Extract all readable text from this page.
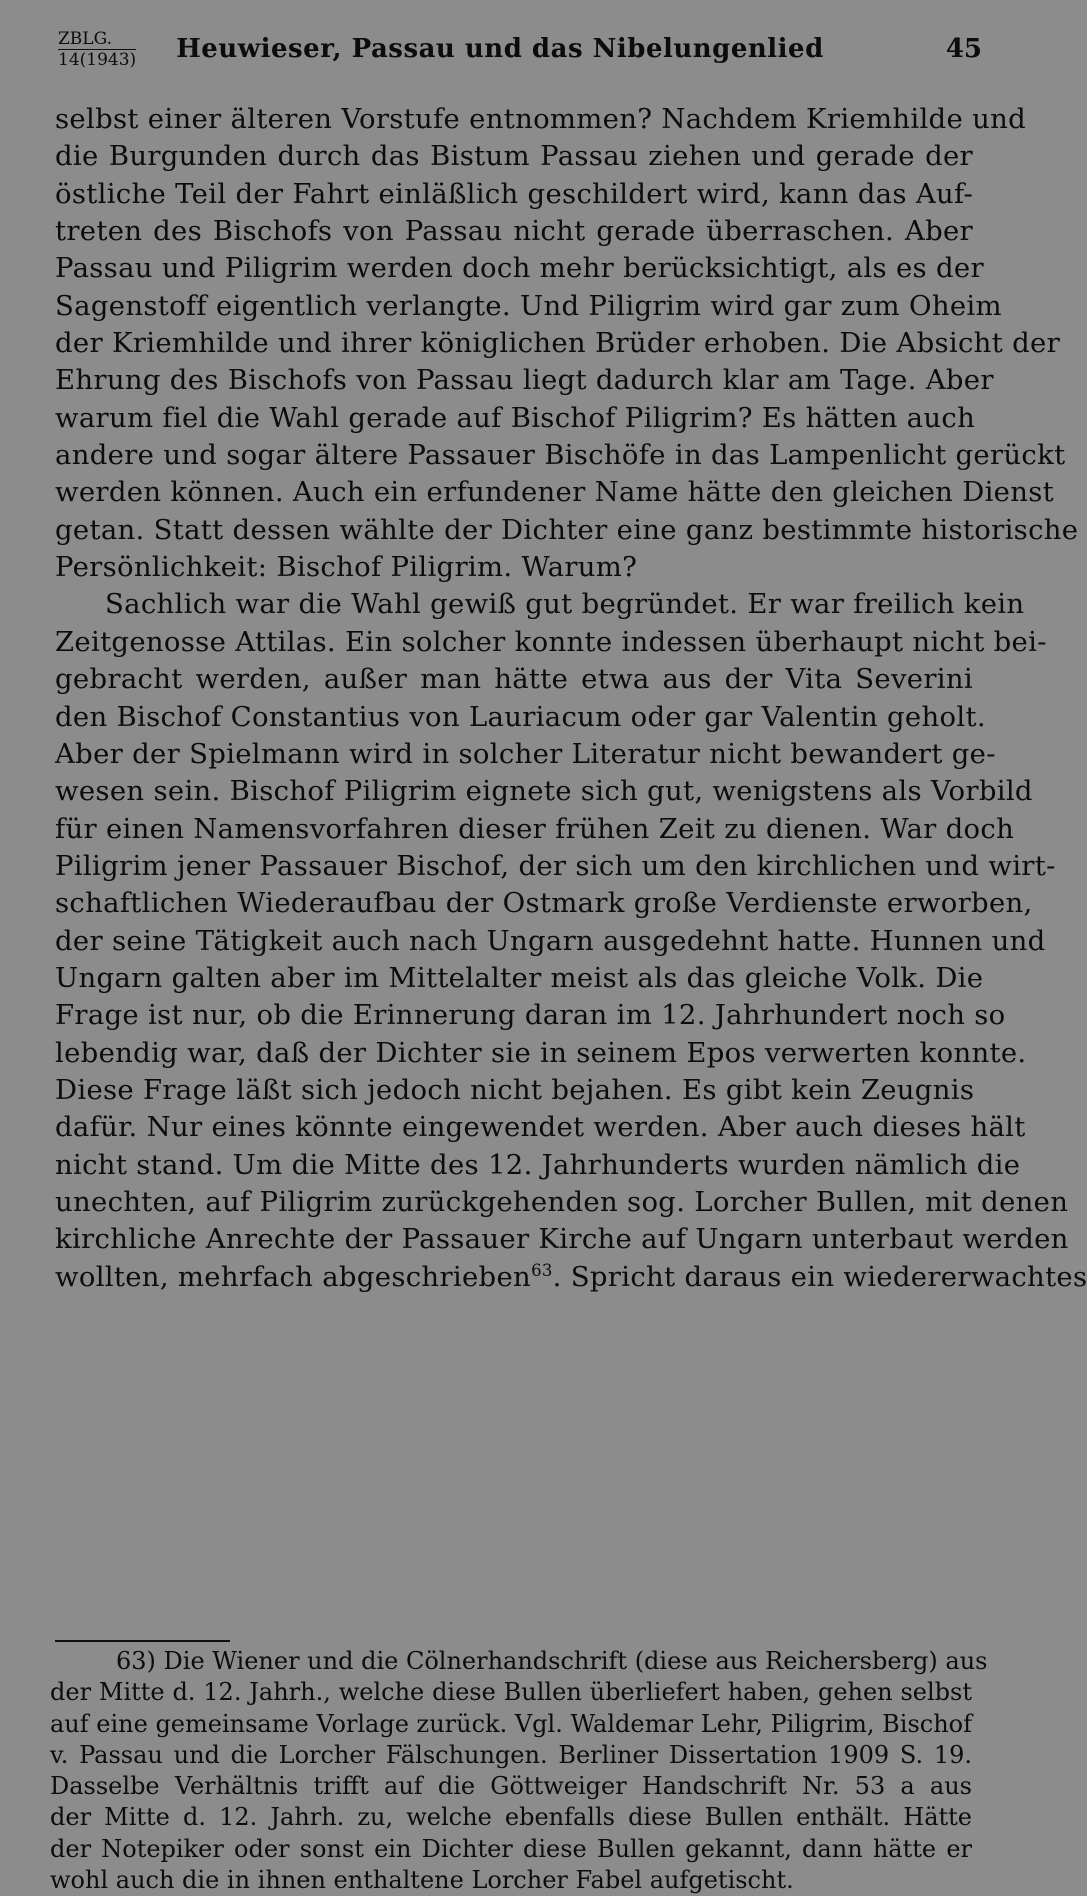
ZBLG.
14(1943)	Heuwieser, Passau und das Nibelungenlied	45
selbst einer älteren Vorstufe entnommen? Nachdem Kriemhilde und
die Burgunden durch das Bistum Passau ziehen und gerade der
östliche Teil der Fahrt einläßlich geschildert wird, kann das Auf-
treten des Bischofs von Passau nicht gerade überraschen. Aber
Passau und Piligrim werden doch mehr berücksichtigt, als es der
Sagenstoff eigentlich verlangte. Und Piligrim wird gar zum Oheim
der Kriemhilde und ihrer königlichen Brüder erhoben. Die Absicht der
Ehrung des Bischofs von Passau liegt dadurch klar am Tage. Aber
warum fiel die Wahl gerade auf Bischof Piligrim? Es hätten auch
andere und sogar ältere Passauer Bischöfe in das Lampenlicht gerückt
werden können. Auch ein erfundener Name hätte den gleichen Dienst
getan. Statt dessen wählte der Dichter eine ganz bestimmte historische
Persönlichkeit: Bischof Piligrim. Warum?
Sachlich war die Wahl gewiß gut begründet. Er war freilich kein
Zeitgenosse Attilas. Ein solcher konnte indessen überhaupt nicht bei-
gebracht werden, außer man hätte etwa aus der Vita Severini
den Bischof Constantius von Lauriacum oder gar Valentin geholt.
Aber der Spielmann wird in solcher Literatur nicht bewandert ge-
wesen sein. Bischof Piligrim eignete sich gut, wenigstens als Vorbild
für einen Namensvorfahren dieser frühen Zeit zu dienen. War doch
Piligrim jener Passauer Bischof, der sich um den kirchlichen und wirt-
schaftlichen Wiederaufbau der Ostmark große Verdienste erworben,
der seine Tätigkeit auch nach Ungarn ausgedehnt hatte. Hunnen und
Ungarn galten aber im Mittelalter meist als das gleiche Volk. Die
Frage ist nur, ob die Erinnerung daran im 12. Jahrhundert noch so
lebendig war, daß der Dichter sie in seinem Epos verwerten konnte.
Diese Frage läßt sich jedoch nicht bejahen. Es gibt kein Zeugnis
dafür. Nur eines könnte eingewendet werden. Aber auch dieses hält
nicht stand. Um die Mitte des 12. Jahrhunderts wurden nämlich die
unechten, auf Piligrim zurückgehenden sog. Lorcher Bullen, mit denen
kirchliche Anrechte der Passauer Kirche auf Ungarn unterbaut werden
wollten, mehrfach abgeschrieben$^{63}$. Spricht daraus ein wiedererwachtes
63) Die Wiener und die Cölnerhandschrift (diese aus Reichersberg) aus
der Mitte d. 12. Jahrh., welche diese Bullen überliefert haben, gehen selbst
auf eine gemeinsame Vorlage zurück. Vgl. Waldemar Lehr, Piligrim, Bischof
v. Passau und die Lorcher Fälschungen. Berliner Dissertation 1909 S. 19.
Dasselbe Verhältnis trifft auf die Göttweiger Handschrift Nr. 53 a aus
der Mitte d. 12. Jahrh. zu, welche ebenfalls diese Bullen enthält. Hätte
der Notepiker oder sonst ein Dichter diese Bullen gekannt, dann hätte er
wohl auch die in ihnen enthaltene Lorcher Fabel aufgetischt.
